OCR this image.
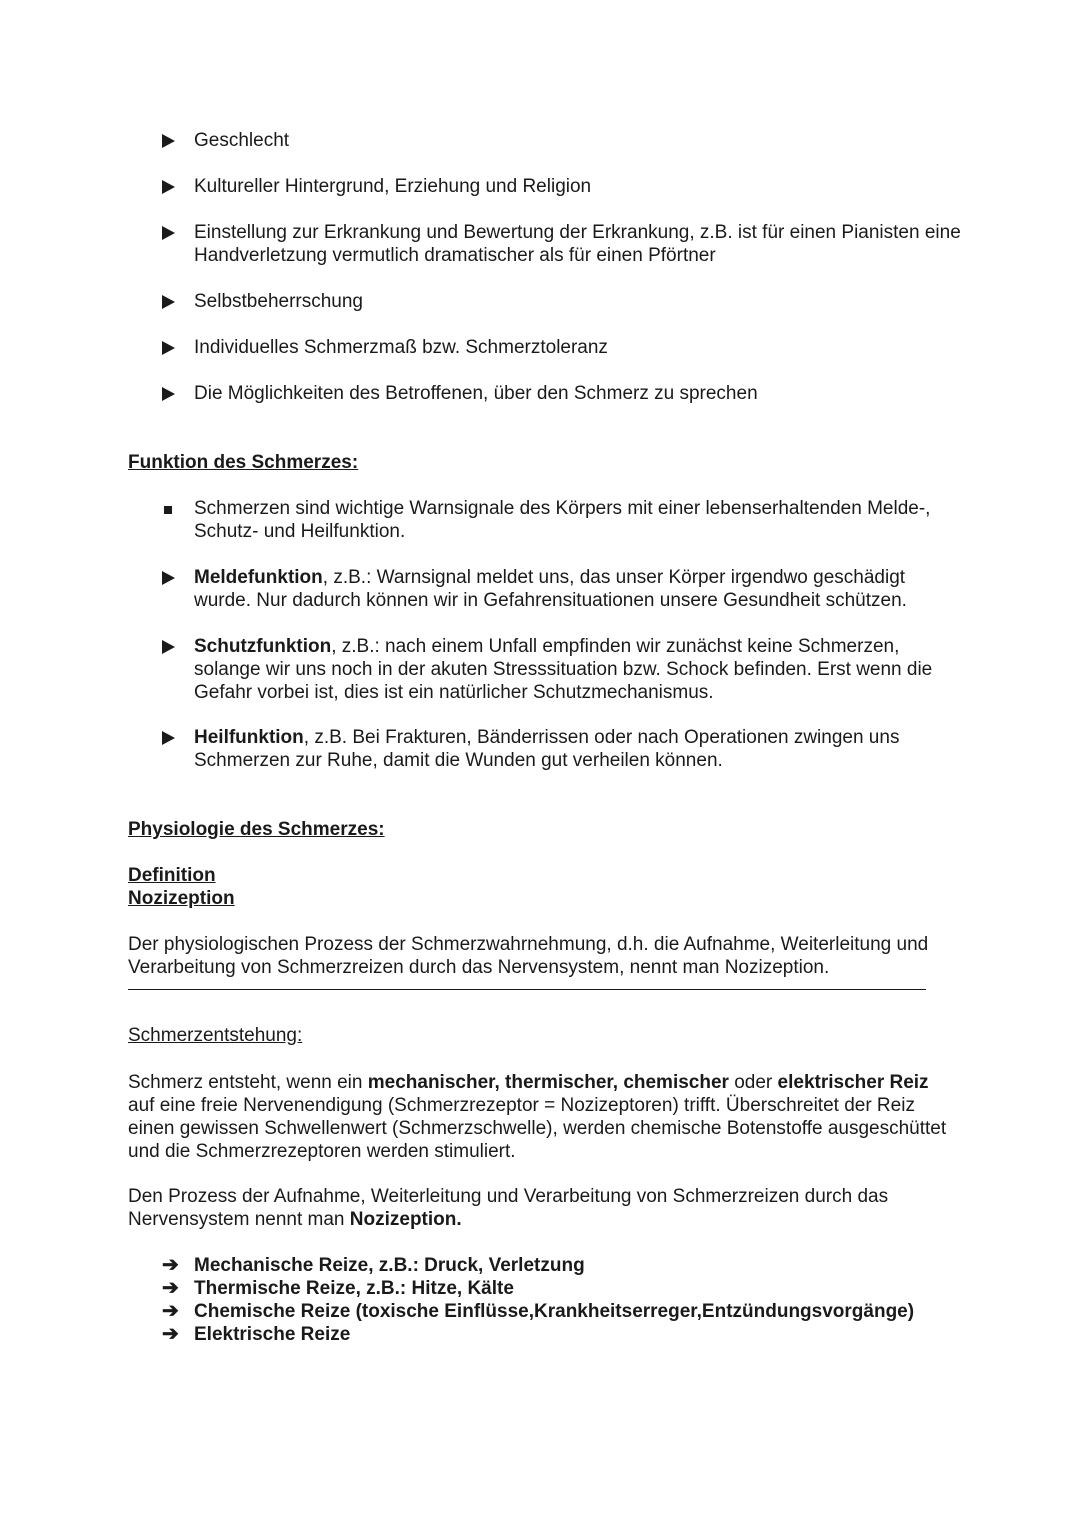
Geschlecht
Kultureller Hintergrund, Erziehung und Religion
Einstellung zur Erkrankung und Bewertung der Erkrankung, z.B. ist für einen Pianisten eine Handverletzung vermutlich dramatischer als für einen Pförtner
Selbstbeherrschung
Individuelles Schmerzmaß bzw. Schmerztoleranz
Die Möglichkeiten des Betroffenen, über den Schmerz zu sprechen
Funktion des Schmerzes:
Schmerzen sind wichtige Warnsignale des Körpers mit einer lebenserhaltenden Melde-, Schutz- und Heilfunktion.
Meldefunktion, z.B.: Warnsignal meldet uns, das unser Körper irgendwo geschädigt wurde. Nur dadurch können wir in Gefahrensituationen unsere Gesundheit schützen.
Schutzfunktion, z.B.: nach einem Unfall empfinden wir zunächst keine Schmerzen, solange wir uns noch in der akuten Stresssituation bzw. Schock befinden. Erst wenn die Gefahr vorbei ist, dies ist ein natürlicher Schutzmechanismus.
Heilfunktion, z.B. Bei Frakturen, Bänderrissen oder nach Operationen zwingen uns Schmerzen zur Ruhe, damit die Wunden gut verheilen können.
Physiologie des Schmerzes:
Definition
Nozizeption
Der physiologischen Prozess der Schmerzwahrnehmung, d.h. die Aufnahme, Weiterleitung und Verarbeitung von Schmerzreizen durch das Nervensystem, nennt man Nozizeption.
Schmerzentstehung:
Schmerz entsteht, wenn ein mechanischer, thermischer, chemischer oder elektrischer Reiz auf eine freie Nervenendigung (Schmerzrezeptor = Nozizeptoren) trifft. Überschreitet der Reiz einen gewissen Schwellenwert (Schmerzschwelle), werden chemische Botenstoffe ausgeschüttet und die Schmerzrezeptoren werden stimuliert.
Den Prozess der Aufnahme, Weiterleitung und Verarbeitung von Schmerzreizen durch das Nervensystem nennt man Nozizeption.
➔ Mechanische Reize, z.B.: Druck, Verletzung
➔ Thermische Reize, z.B.: Hitze, Kälte
➔ Chemische Reize (toxische Einflüsse,Krankheitserreger,Entzündungsvorgänge)
➔ Elektrische Reize
